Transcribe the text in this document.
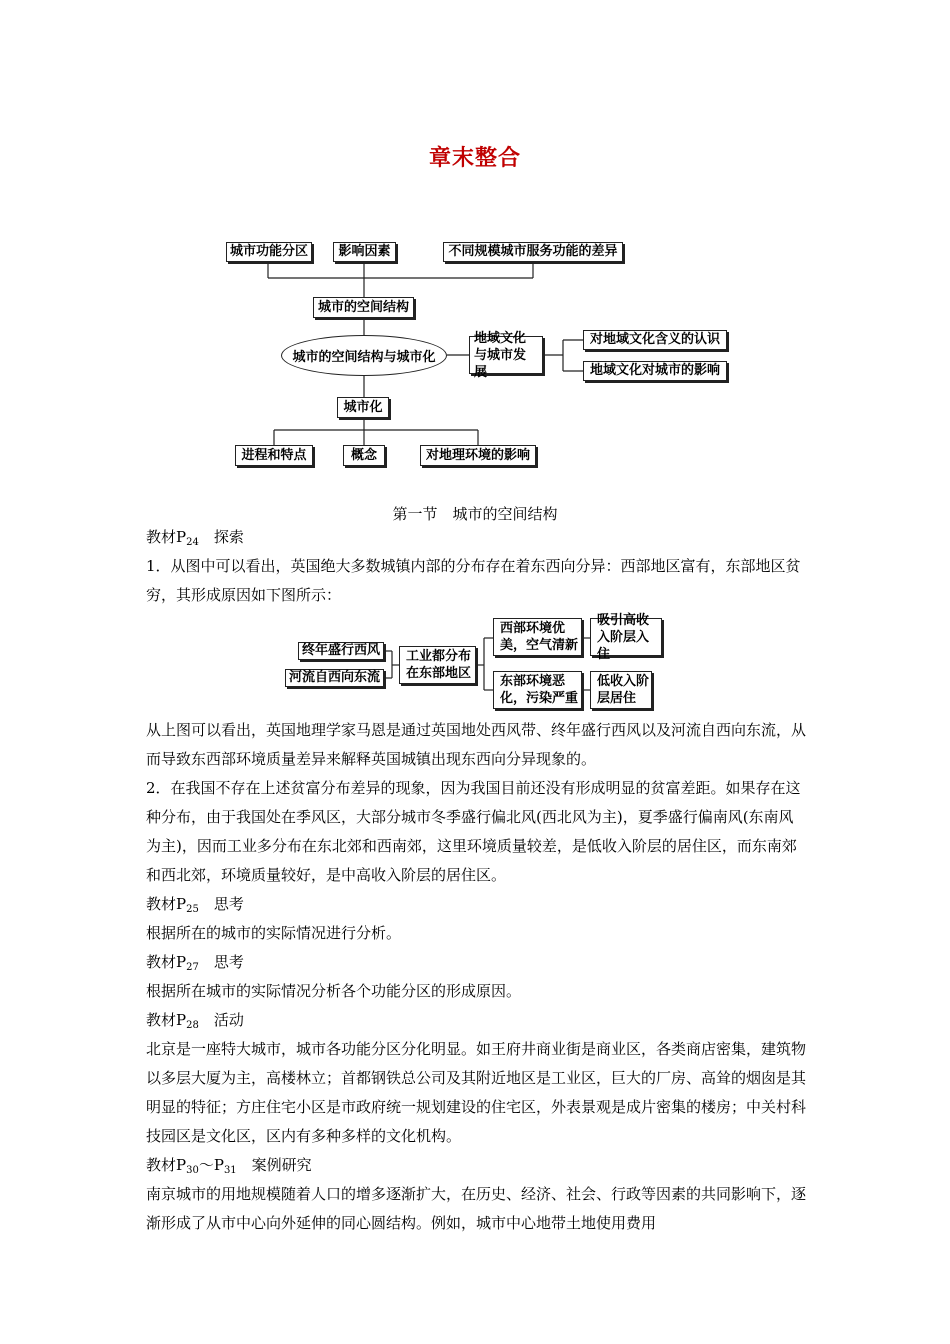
章末整合
城市功能分区	影响因素	不同规模城市服务功能的差异
城市的空间结构
城市的空间结构与城市化
地域文化与城市发展
对地域文化含义的认识
地域文化对城市的影响
城市化
进程和特点	概念	对地理环境的影响
第一节　城市的空间结构
教材$P_{24}$　探索

1．从图中可以看出，英国绝大多数城镇内部的分布存在着东西向分异：西部地区富有，东部地区贫穷，其形成原因如下图所示：

终年盛行西风
河流自西向东流
工业都分布在东部地区
西部环境优美，空气清新
东部环境恶化，污染严重
吸引高收入阶层入住
低收入阶层居住

从上图可以看出，英国地理学家马恩是通过英国地处西风带、终年盛行西风以及河流自西向东流，从而导致东西部环境质量差异来解释英国城镇出现东西向分异现象的。

2．在我国不存在上述贫富分布差异的现象，因为我国目前还没有形成明显的贫富差距。如果存在这种分布，由于我国处在季风区，大部分城市冬季盛行偏北风(西北风为主)，夏季盛行偏南风(东南风为主)，因而工业多分布在东北郊和西南郊，这里环境质量较差，是低收入阶层的居住区，而东南郊和西北郊，环境质量较好，是中高收入阶层的居住区。

教材$P_{25}$　思考

根据所在的城市的实际情况进行分析。

教材$P_{27}$　思考

根据所在城市的实际情况分析各个功能分区的形成原因。

教材$P_{28}$　活动

北京是一座特大城市，城市各功能分区分化明显。如王府井商业街是商业区，各类商店密集，建筑物以多层大厦为主，高楼林立；首都钢铁总公司及其附近地区是工业区，巨大的厂房、高耸的烟囱是其明显的特征；方庄住宅小区是市政府统一规划建设的住宅区，外表景观是成片密集的楼房；中关村科技园区是文化区，区内有多种多样的文化机构。

教材$P_{30}\sim P_{31}$　案例研究

南京城市的用地规模随着人口的增多逐渐扩大，在历史、经济、社会、行政等因素的共同影响下，逐渐形成了从市中心向外延伸的同心圆结构。例如，城市中心地带土地使用费用
